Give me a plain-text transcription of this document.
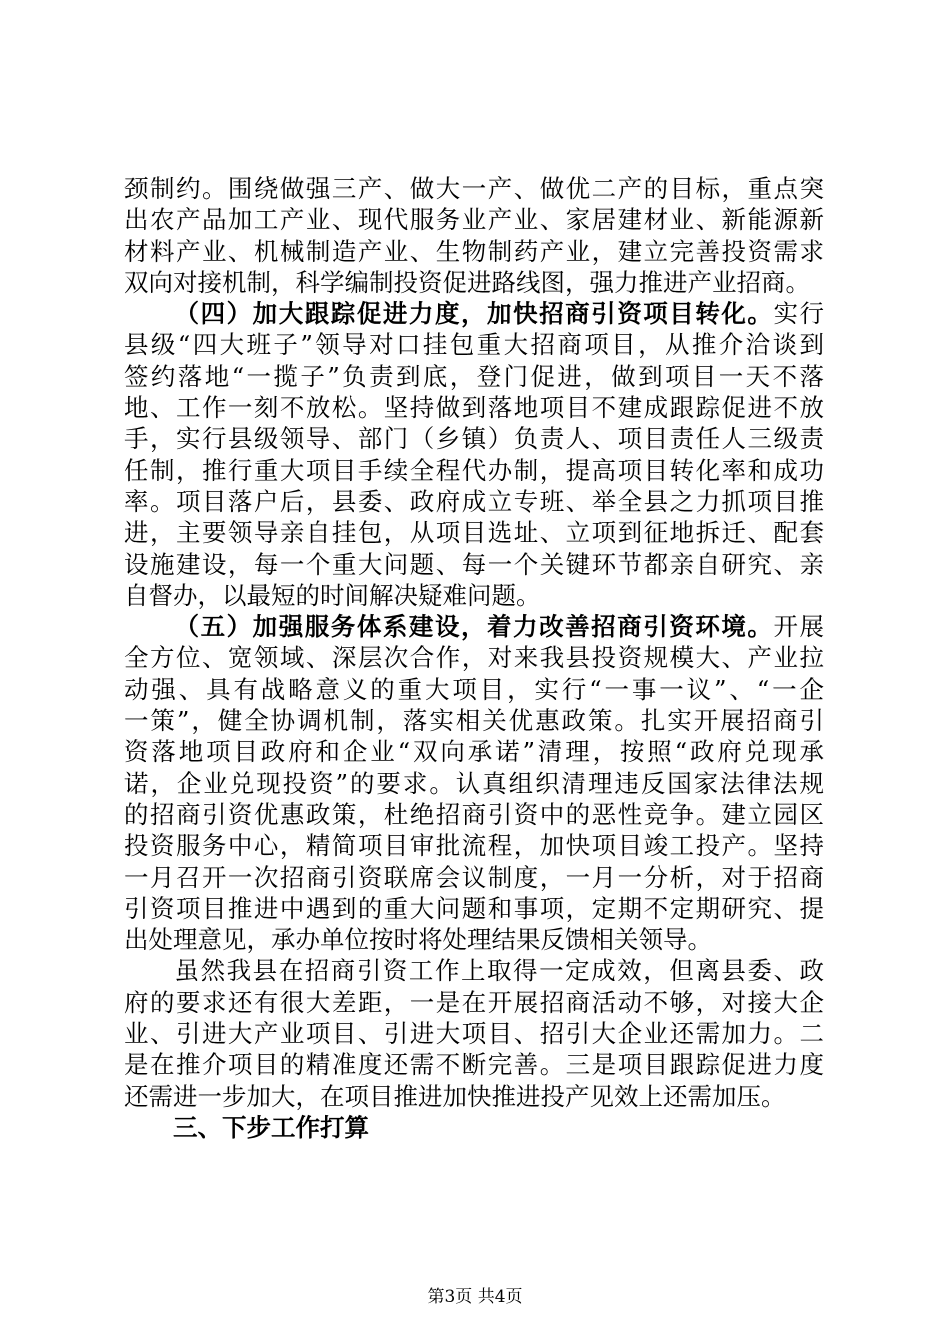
颈制约。围绕做强三产、做大一产、做优二产的目标，重点突
出农产品加工产业、现代服务业产业、家居建材业、新能源新
材料产业、机械制造产业、生物制药产业，建立完善投资需求
双向对接机制，科学编制投资促进路线图，强力推进产业招商。
（四）加大跟踪促进力度，加快招商引资项目转化。实行
县级“四大班子”领导对口挂包重大招商项目，从推介洽谈到
签约落地“一揽子”负责到底，登门促进，做到项目一天不落
地、工作一刻不放松。坚持做到落地项目不建成跟踪促进不放
手，实行县级领导、部门（乡镇）负责人、项目责任人三级责
任制，推行重大项目手续全程代办制，提高项目转化率和成功
率。项目落户后，县委、政府成立专班、举全县之力抓项目推
进，主要领导亲自挂包，从项目选址、立项到征地拆迁、配套
设施建设，每一个重大问题、每一个关键环节都亲自研究、亲
自督办，以最短的时间解决疑难问题。
（五）加强服务体系建设，着力改善招商引资环境。开展
全方位、宽领域、深层次合作，对来我县投资规模大、产业拉
动强、具有战略意义的重大项目，实行“一事一议”、“一企
一策”，健全协调机制，落实相关优惠政策。扎实开展招商引
资落地项目政府和企业“双向承诺”清理，按照“政府兑现承
诺，企业兑现投资”的要求。认真组织清理违反国家法律法规
的招商引资优惠政策，杜绝招商引资中的恶性竞争。建立园区
投资服务中心，精简项目审批流程，加快项目竣工投产。坚持
一月召开一次招商引资联席会议制度，一月一分析，对于招商
引资项目推进中遇到的重大问题和事项，定期不定期研究、提
出处理意见，承办单位按时将处理结果反馈相关领导。
虽然我县在招商引资工作上取得一定成效，但离县委、政
府的要求还有很大差距，一是在开展招商活动不够，对接大企
业、引进大产业项目、引进大项目、招引大企业还需加力。二
是在推介项目的精准度还需不断完善。三是项目跟踪促进力度
还需进一步加大，在项目推进加快推进投产见效上还需加压。
三、下步工作打算
第3页 共4页
